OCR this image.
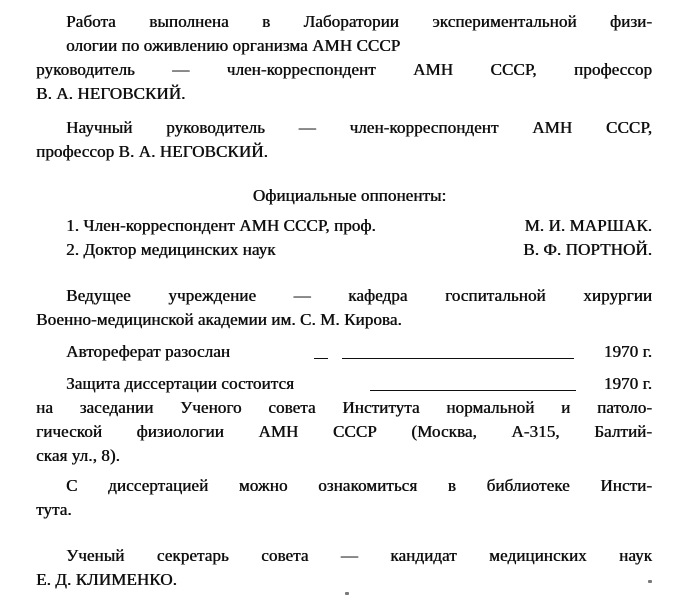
Работа выполнена в Лаборатории экспериментальной физи-
ологии по оживлению организма АМН СССР
руководитель — член-корреспондент АМН СССР, профессор
В. А. НЕГОВСКИЙ.
Научный руководитель — член-корреспондент АМН СССР,
профессор В. А. НЕГОВСКИЙ.
Официальные оппоненты:
1. Член-корреспондент АМН СССР, проф.	М. И. МАРШАК.
2. Доктор медицинских наук	В. Ф. ПОРТНОЙ.
Ведущее учреждение — кафедра госпитальной хирургии
Военно-медицинской академии им. С. М. Кирова.
Автореферат разослан	1970 г.
Защита диссертации состоится	1970 г.
на заседании Ученого совета Института нормальной и патоло-
гической физиологии АМН СССР (Москва, А-315, Балтий-
ская ул., 8).
С диссертацией можно ознакомиться в библиотеке Инсти-
тута.
Ученый секретарь совета — кандидат медицинских наук
Е. Д. КЛИМЕНКО.
